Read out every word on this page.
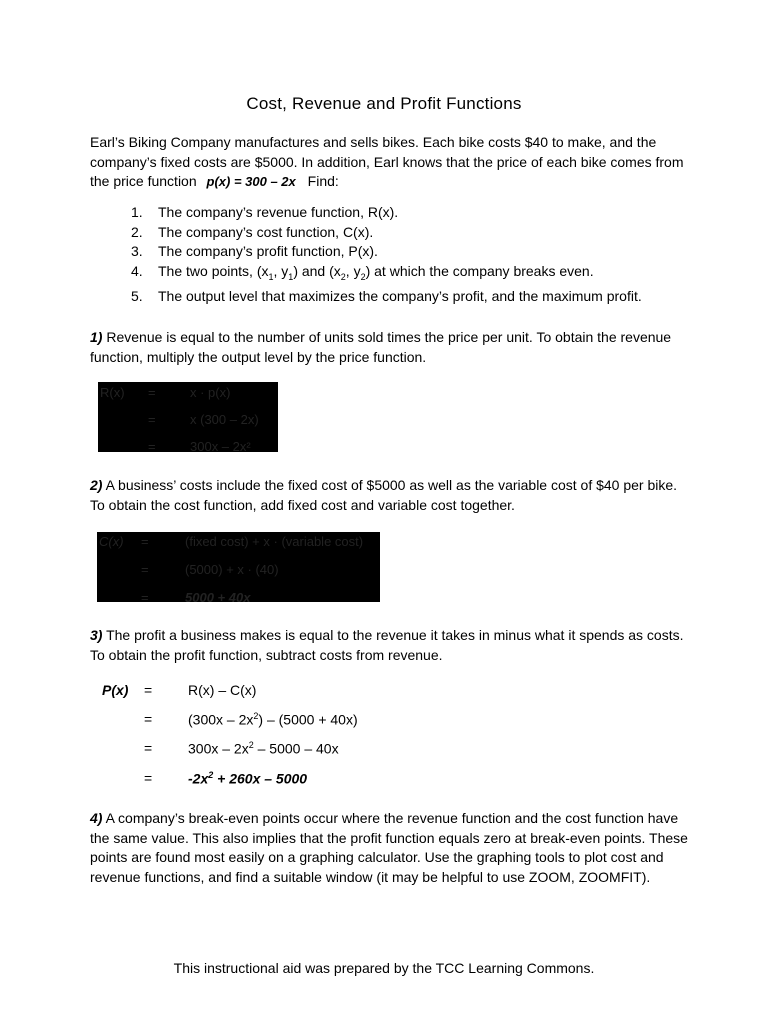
Cost, Revenue and Profit Functions
Earl’s Biking Company manufactures and sells bikes. Each bike costs $40 to make, and the company’s fixed costs are $5000. In addition, Earl knows that the price of each bike comes from the price function p(x) = 300 – 2x Find:
1.	The company’s revenue function, R(x).
2.	The company’s cost function, C(x).
3.	The company’s profit function, P(x).
4.	The two points, ($x_1$, $y_1$) and ($x_2$, $y_2$) at which the company breaks even.
5.	The output level that maximizes the company’s profit, and the maximum profit.
1) Revenue is equal to the number of units sold times the price per unit. To obtain the revenue function, multiply the output level by the price function.
R(x) =	x · p(x)
=	x (300 – 2x)
=	300x – 2x²
2) A business’ costs include the fixed cost of $5000 as well as the variable cost of $40 per bike. To obtain the cost function, add fixed cost and variable cost together.
C(x) =	(fixed cost) + x · (variable cost)
=	(5000) + x · (40)
=	5000 + 40x
3) The profit a business makes is equal to the revenue it takes in minus what it spends as costs. To obtain the profit function, subtract costs from revenue.
P(x) =	R(x) – C(x)
=	$(300x - 2x^2) - (5000 + 40x)$
=	$300x - 2x^2 - 5000 - 40x$
=	$-2x^2 + 260x - 5000$
4) A company’s break-even points occur where the revenue function and the cost function have the same value. This also implies that the profit function equals zero at break-even points. These points are found most easily on a graphing calculator. Use the graphing tools to plot cost and revenue functions, and find a suitable window (it may be helpful to use ZOOM, ZOOMFIT).
This instructional aid was prepared by the TCC Learning Commons.
